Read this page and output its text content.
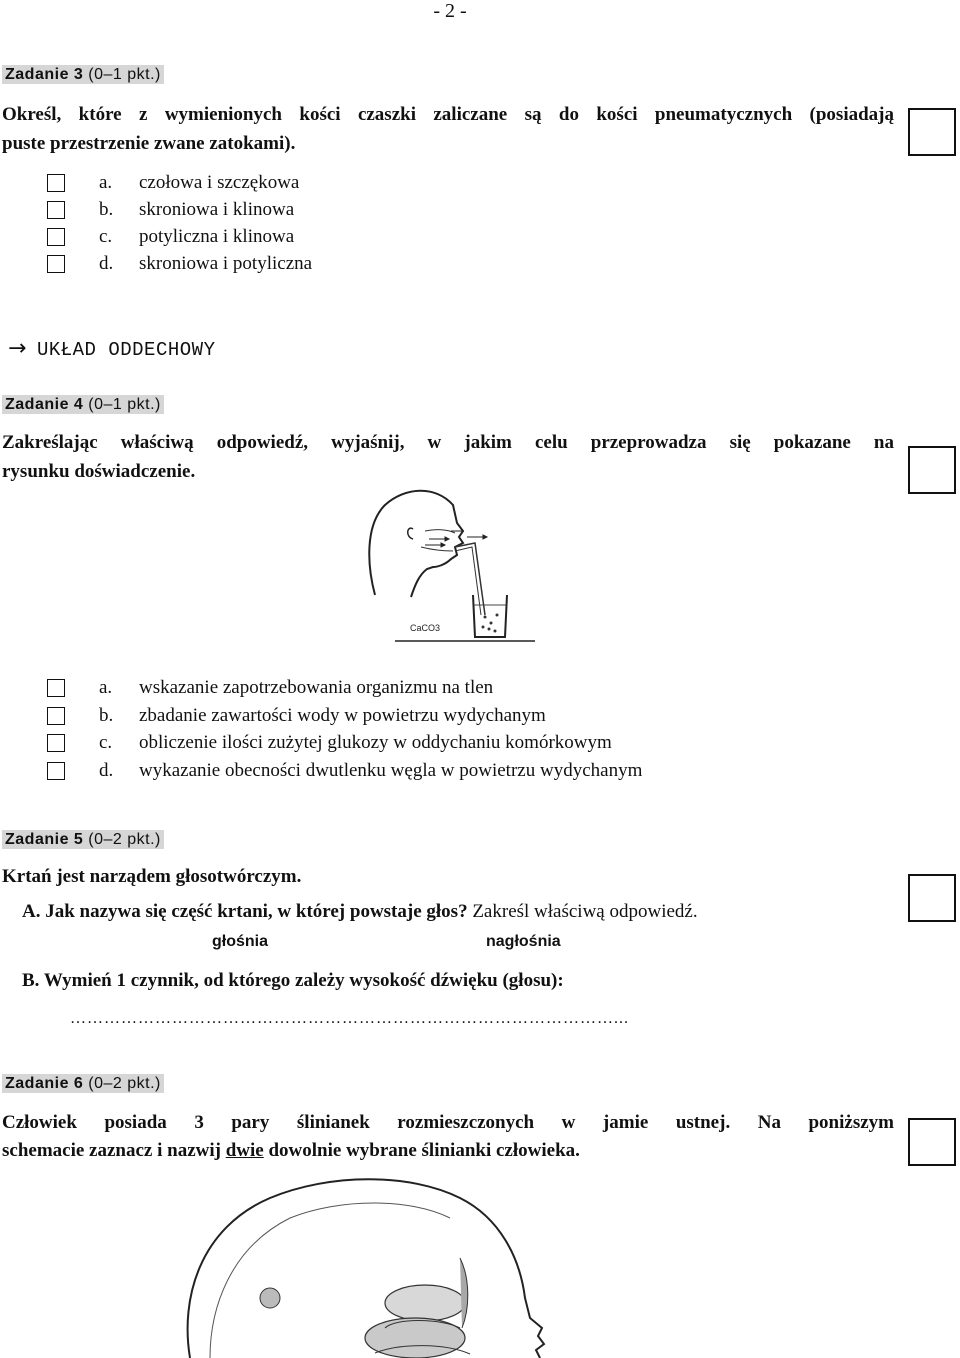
- 2 -
Zadanie 3 (0–1 pkt.)
Określ, które z wymienionych kości czaszki zaliczane są do kości pneumatycznych (posiadają
puste przestrzenie zwane zatokami).
a.	czołowa i szczękowa
b.	skroniowa i klinowa
c.	potyliczna i klinowa
d.	skroniowa i potyliczna
→ UKŁAD ODDECHOWY
Zadanie 4 (0–1 pkt.)
Zakreślając właściwą odpowiedź, wyjaśnij, w jakim celu przeprowadza się pokazane na
rysunku doświadczenie.
CaCO3
a.	wskazanie zapotrzebowania organizmu na tlen
b.	zbadanie zawartości wody w powietrzu wydychanym
c.	obliczenie ilości zużytej glukozy w oddychaniu komórkowym
d.	wykazanie obecności dwutlenku węgla w powietrzu wydychanym
Zadanie 5 (0–2 pkt.)
Krtań jest narządem głosotwórczym.
A. Jak nazywa się część krtani, w której powstaje głos? Zakreśl właściwą odpowiedź.
głośnia	nagłośnia
B. Wymień 1 czynnik, od którego zależy wysokość dźwięku (głosu):
……………………………………………………………………………………...
Zadanie 6 (0–2 pkt.)
Człowiek posiada 3 pary ślinianek rozmieszczonych w jamie ustnej. Na poniższym
schemacie zaznacz i nazwij dwie dowolnie wybrane ślinianki człowieka.
